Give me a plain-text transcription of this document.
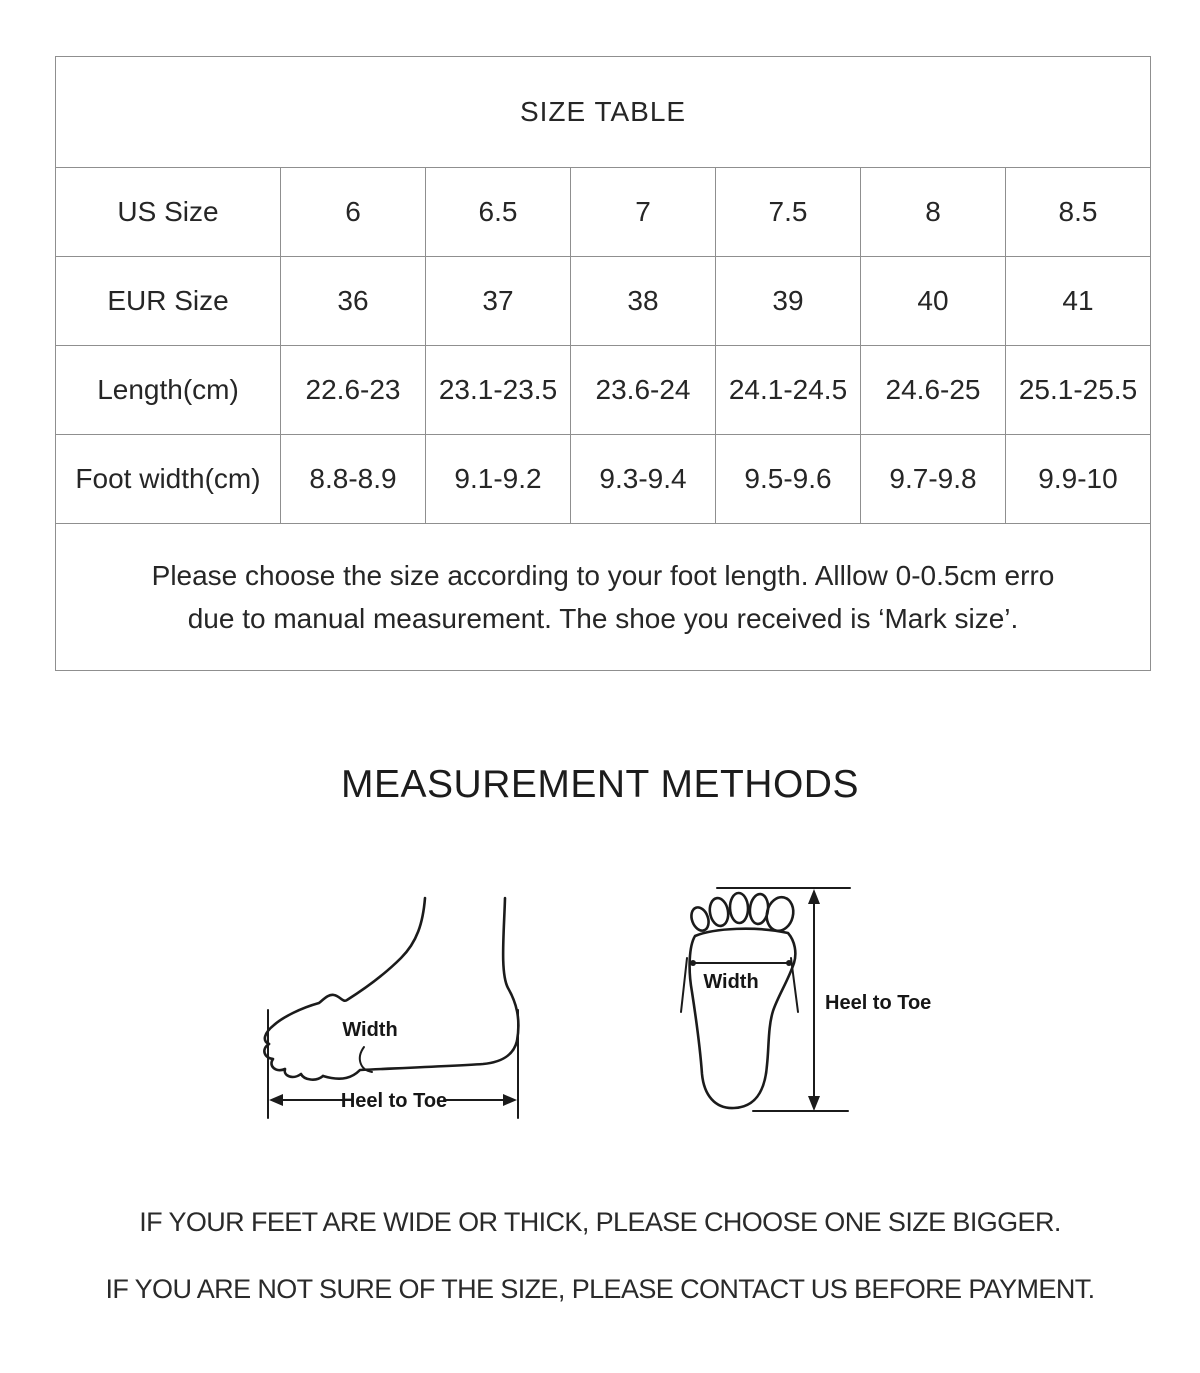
SIZE TABLE						
US Size	6	6.5	7	7.5	8	8.5
EUR Size	36	37	38	39	40	41
Length(cm)	22.6-23	23.1-23.5	23.6-24	24.1-24.5	24.6-25	25.1-25.5
Foot width(cm)	8.8-8.9	9.1-9.2	9.3-9.4	9.5-9.6	9.7-9.8	9.9-10

Please choose the size according to your foot length. Alllow 0-0.5cm erro
due to manual measurement. The shoe you received is ‘Mark size’.						
MEASUREMENT METHODS
Width
Heel to Toe
Width
Heel to Toe
IF YOUR FEET ARE WIDE OR THICK, PLEASE CHOOSE ONE SIZE BIGGER.
IF YOU ARE NOT SURE OF THE SIZE, PLEASE CONTACT US BEFORE PAYMENT.
